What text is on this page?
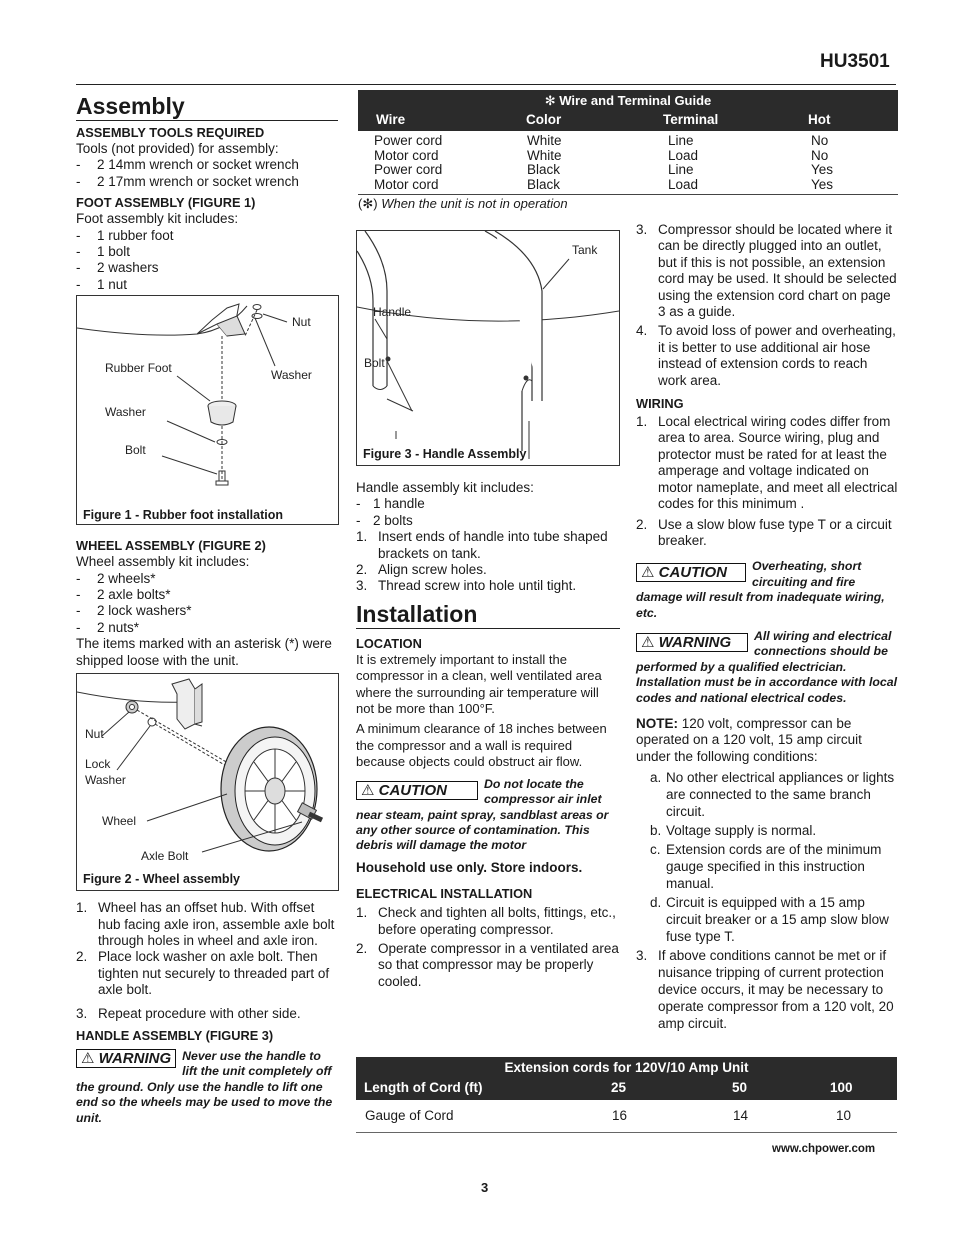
HU3501
Assembly
ASSEMBLY TOOLS REQUIRED

Tools (not provided) for assembly:

- 2 14mm wrench or socket wrench
- 2 17mm wrench or socket wrench
FOOT ASSEMBLY (FIGURE 1)

Foot assembly kit includes:

- 1 rubber foot
- 1 bolt
- 2 washers
- 1 nut
Nut
Washer
Rubber Foot
Washer
Bolt
Figure 1 - Rubber foot installation
WHEEL ASSEMBLY (FIGURE 2)

Wheel assembly kit includes:

- 2 wheels*
- 2 axle bolts*
- 2 lock washers*
- 2 nuts*

The items marked with an asterisk (*) were shipped loose with the unit.

Nut
Lock
Washer
Wheel
Axle Bolt
Figure 2 - Wheel assembly
1. Wheel has an offset hub. With offset hub facing axle iron, assemble axle bolt through holes in wheel and axle iron.
2. Place lock washer on axle bolt. Then tighten nut securely to threaded part of axle bolt.
3. Repeat procedure with other side.
HANDLE ASSEMBLY (FIGURE 3)
⚠ WARNING Never use the handle to lift the unit completely off the ground. Only use the handle to lift one end so the wheels may be used to move the unit.
✻ Wire and Terminal Guide
Wire	Color	Terminal	Hot
Power cord	White	Line	No
Motor cord	White	Load	No
Power cord	Black	Line	Yes
Motor cord	Black	Load	Yes
(✻) When the unit is not in operation
Tank
Handle
Bolt
Figure 3 - Handle Assembly

Handle assembly kit includes:

- 1 handle
- 2 bolts
1. Insert ends of handle into tube shaped brackets on tank.
2. Align screw holes.
3. Thread screw into hole until tight.
Installation
LOCATION

It is extremely important to install the compressor in a clean, well ventilated area where the surrounding air temperature will not be more than 100°F.

A minimum clearance of 18 inches between the compressor and a wall is required because objects could obstruct air flow.

⚠ CAUTION	Do not locate the compressor air inlet near steam, paint spray, sandblast areas or any other source of contamination. This debris will damage the motor
Household use only. Store indoors.
ELECTRICAL INSTALLATION
1. Check and tighten all bolts, fittings, etc., before operating compressor.
2. Operate compressor in a ventilated area so that compressor may be properly cooled.
3. Compressor should be located where it can be directly plugged into an outlet, but if this is not possible, an extension cord may be used. It should be selected using the extension cord chart on page 3 as a guide.
4. To avoid loss of power and overheating, it is better to use additional air hose instead of extension cords to reach work area.
WIRING
1. Local electrical wiring codes differ from area to area. Source wiring, plug and protector must be rated for at least the amperage and voltage indicated on motor nameplate, and meet all electrical codes for this minimum .
2. Use a slow blow fuse type T or a circuit breaker.
⚠ CAUTION	Overheating, short circuiting and fire damage will result from inadequate wiring, etc.
⚠ WARNING	All wiring and electrical connections should be performed by a qualified electrician. Installation must be in accordance with local codes and national electrical codes.

NOTE: 120 volt, compressor can be operated on a 120 volt, 15 amp circuit under the following conditions:

a. No other electrical appliances or lights are connected to the same branch circuit.
b. Voltage supply is normal.
c. Extension cords are of the minimum gauge specified in this instruction manual.
d. Circuit is equipped with a 15 amp circuit breaker or a 15 amp slow blow fuse type T.
3. If above conditions cannot be met or if nuisance tripping of current protection device occurs, it may be necessary to operate compressor from a 120 volt, 20 amp circuit.
Extension cords for 120V/10 Amp Unit
Length of Cord (ft)	25	50	100
Gauge of Cord	16	14	10
www.chpower.com
3
